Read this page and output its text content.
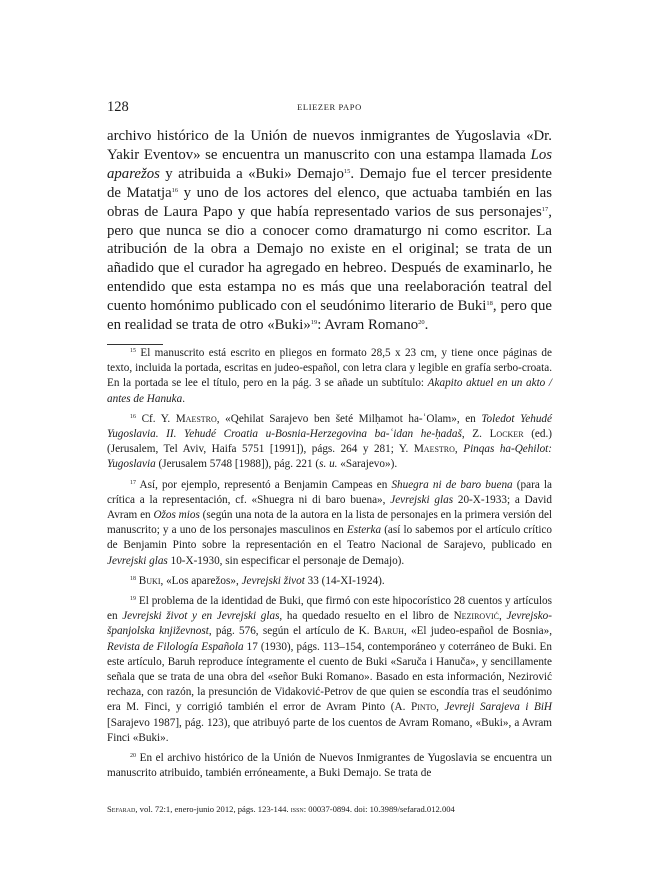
128	ELIEZER PAPO

archivo histórico de la Unión de nuevos inmigrantes de Yugoslavia «Dr. Yakir Eventov» se encuentra un manuscrito con una estampa llamada Los aparežos y atribuida a «Buki» Demajo$^{15}$. Demajo fue el tercer presidente de Matatja$^{16}$ y uno de los actores del elenco, que actuaba también en las obras de Laura Papo y que había representado varios de sus personajes$^{17}$, pero que nunca se dio a conocer como dramaturgo ni como escritor. La atribución de la obra a Demajo no existe en el original; se trata de un añadido que el curador ha agregado en hebreo. Después de examinarlo, he entendido que esta estampa no es más que una reelaboración teatral del cuento homónimo publicado con el seudónimo literario de Buki$^{18}$, pero que en realidad se trata de otro «Buki»$^{19}$: Avram Romano$^{20}$.

$^{15}$ El manuscrito está escrito en pliegos en formato 28,5 x 23 cm, y tiene once páginas de texto, incluida la portada, escritas en judeo-español, con letra clara y legible en grafía serbo-croata. En la portada se lee el título, pero en la pág. 3 se añade un subtítulo: Akapito aktuel en un akto / antes de Hanuka.

$^{16}$ Cf. Y. Maestro, «Qehilat Sarajevo ben šeté Milḥamot ha-ʿOlam», en Toledot Yehudé Yugoslavia. II. Yehudé Croatia u-Bosnia-Herzegovina ba-ʿidan he-ḥadaš, Z. Locker (ed.) (Jerusalem, Tel Aviv, Haifa 5751 [1991]), págs. 264 y 281; Y. Maestro, Pinqas ha-Qehilot: Yugoslavia (Jerusalem 5748 [1988]), pág. 221 (s. u. «Sarajevo»).

$^{17}$ Así, por ejemplo, representó a Benjamin Campeas en Shuegra ni de baro buena (para la crítica a la representación, cf. «Shuegra ni di baro buena», Jevrejski glas 20-X-1933; a David Avram en Ožos mios (según una nota de la autora en la lista de personajes en la primera versión del manuscrito; y a uno de los personajes masculinos en Esterka (así lo sabemos por el artículo crítico de Benjamin Pinto sobre la representación en el Teatro Nacional de Sarajevo, publicado en Jevrejski glas 10-X-1930, sin especificar el personaje de Demajo).

$^{18}$ Buki, «Los aparežos», Jevrejski život 33 (14-XI-1924).

$^{19}$ El problema de la identidad de Buki, que firmó con este hipocorístico 28 cuentos y artículos en Jevrejski život y en Jevrejski glas, ha quedado resuelto en el libro de Nezirović, Jevrejsko-španjolska književnost, pág. 576, según el artículo de K. Baruh, «El judeo-español de Bosnia», Revista de Filología Española 17 (1930), págs. 113–154, contemporáneo y coterráneo de Buki. En este artículo, Baruh reproduce íntegramente el cuento de Buki «Saruča i Hanuča», y sencillamente señala que se trata de una obra del «señor Buki Romano». Basado en esta información, Nezirović rechaza, con razón, la presunción de Vidaković-Petrov de que quien se escondía tras el seudónimo era M. Finci, y corrigió también el error de Avram Pinto (A. Pinto, Jevreji Sarajeva i BiH [Sarajevo 1987], pág. 123), que atribuyó parte de los cuentos de Avram Romano, «Buki», a Avram Finci «Buki».

$^{20}$ En el archivo histórico de la Unión de Nuevos Inmigrantes de Yugoslavia se encuentra un manuscrito atribuido, también erróneamente, a Buki Demajo. Se trata de

Sefarad, vol. 72:1, enero-junio 2012, págs. 123-144. issn: 00037-0894. doi: 10.3989/sefarad.012.004
